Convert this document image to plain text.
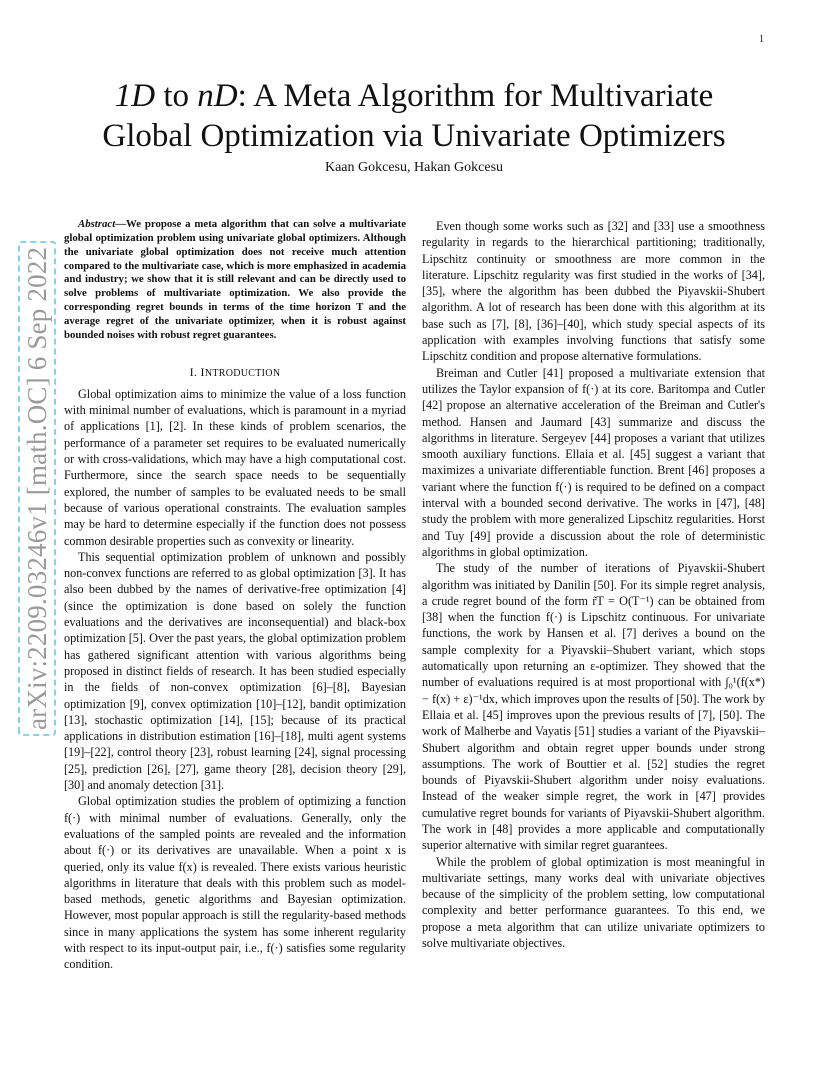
1
arXiv:2209.03246v1 [math.OC] 6 Sep 2022
1D to nD: A Meta Algorithm for Multivariate
Global Optimization via Univariate Optimizers
Kaan Gokcesu, Hakan Gokcesu

Abstract—We propose a meta algorithm that can solve a multivariate global optimization problem using univariate global optimizers. Although the univariate global optimization does not receive much attention compared to the multivariate case, which is more emphasized in academia and industry; we show that it is still relevant and can be directly used to solve problems of multivariate optimization. We also provide the corresponding regret bounds in terms of the time horizon T and the average regret of the univariate optimizer, when it is robust against bounded noises with robust regret guarantees.

I. INTRODUCTION

Global optimization aims to minimize the value of a loss function with minimal number of evaluations, which is paramount in a myriad of applications [1], [2]. In these kinds of problem scenarios, the performance of a parameter set requires to be evaluated numerically or with cross-validations, which may have a high computational cost. Furthermore, since the search space needs to be sequentially explored, the number of samples to be evaluated needs to be small because of various operational constraints. The evaluation samples may be hard to determine especially if the function does not possess common desirable properties such as convexity or linearity.

This sequential optimization problem of unknown and possibly non-convex functions are referred to as global optimization [3]. It has also been dubbed by the names of derivative-free optimization [4] (since the optimization is done based on solely the function evaluations and the derivatives are inconsequential) and black-box optimization [5]. Over the past years, the global optimization problem has gathered significant attention with various algorithms being proposed in distinct fields of research. It has been studied especially in the fields of non-convex optimization [6]–[8], Bayesian optimization [9], convex optimization [10]–[12], bandit optimization [13], stochastic optimization [14], [15]; because of its practical applications in distribution estimation [16]–[18], multi agent systems [19]–[22], control theory [23], robust learning [24], signal processing [25], prediction [26], [27], game theory [28], decision theory [29], [30] and anomaly detection [31].

Global optimization studies the problem of optimizing a function f(·) with minimal number of evaluations. Generally, only the evaluations of the sampled points are revealed and the information about f(·) or its derivatives are unavailable. When a point x is queried, only its value f(x) is revealed. There exists various heuristic algorithms in literature that deals with this problem such as model-based methods, genetic algorithms and Bayesian optimization. However, most popular approach is still the regularity-based methods since in many applications the system has some inherent regularity with respect to its input-output pair, i.e., f(·) satisfies some regularity condition.

Even though some works such as [32] and [33] use a smoothness regularity in regards to the hierarchical partitioning; traditionally, Lipschitz continuity or smoothness are more common in the literature. Lipschitz regularity was first studied in the works of [34], [35], where the algorithm has been dubbed the Piyavskii-Shubert algorithm. A lot of research has been done with this algorithm at its base such as [7], [8], [36]–[40], which study special aspects of its application with examples involving functions that satisfy some Lipschitz condition and propose alternative formulations.

Breiman and Cutler [41] proposed a multivariate extension that utilizes the Taylor expansion of f(·) at its core. Baritompa and Cutler [42] propose an alternative acceleration of the Breiman and Cutler's method. Hansen and Jaumard [43] summarize and discuss the algorithms in literature. Sergeyev [44] proposes a variant that utilizes smooth auxiliary functions. Ellaia et al. [45] suggest a variant that maximizes a univariate differentiable function. Brent [46] proposes a variant where the function f(·) is required to be defined on a compact interval with a bounded second derivative. The works in [47], [48] study the problem with more generalized Lipschitz regularities. Horst and Tuy [49] provide a discussion about the role of deterministic algorithms in global optimization.

The study of the number of iterations of Piyavskii-Shubert algorithm was initiated by Danilin [50]. For its simple regret analysis, a crude regret bound of the form r̃T = O(T⁻¹) can be obtained from [38] when the function f(·) is Lipschitz continuous. For univariate functions, the work by Hansen et al. [7] derives a bound on the sample complexity for a Piyavskii–Shubert variant, which stops automatically upon returning an ε-optimizer. They showed that the number of evaluations required is at most proportional with ∫₀¹(f(x*) − f(x) + ε)⁻¹dx, which improves upon the results of [50]. The work by Ellaia et al. [45] improves upon the previous results of [7], [50]. The work of Malherbe and Vayatis [51] studies a variant of the Piyavskii–Shubert algorithm and obtain regret upper bounds under strong assumptions. The work of Bouttier et al. [52] studies the regret bounds of Piyavskii-Shubert algorithm under noisy evaluations. Instead of the weaker simple regret, the work in [47] provides cumulative regret bounds for variants of Piyavskii-Shubert algorithm. The work in [48] provides a more applicable and computationally superior alternative with similar regret guarantees.

While the problem of global optimization is most meaningful in multivariate settings, many works deal with univariate objectives because of the simplicity of the problem setting, low computational complexity and better performance guarantees. To this end, we propose a meta algorithm that can utilize univariate optimizers to solve multivariate objectives.
